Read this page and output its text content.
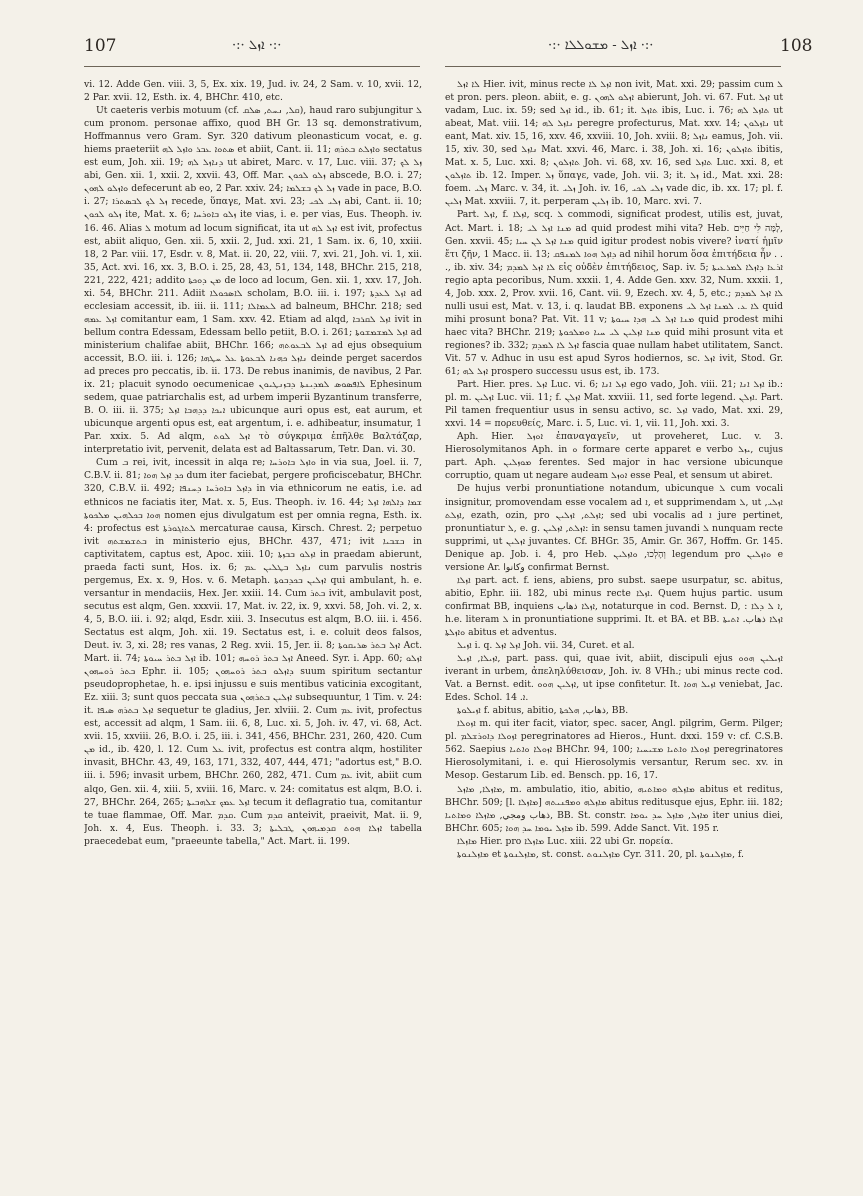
107	·:· ܐܙܠ ·:·	·:· ܐܙܠ - ܡܫܘܠܠܐ ·:·	108

vi. 12. Adde Gen. viii. 3, 5, Ex. xix. 19, Jud. iv. 24, 2 Sam. v. 10, xvii. 12, 2 Par. xvii. 12, Esth. ix. 4, BHChr. 410, etc.

Ut caeteris verbis motuum (cf. ܩܠ, ܢܚܬ, ܣܠܩ), haud raro subjungitur ܠ cum pronom. personae affixo, quod BH Gr. 13 sq. demonstrativum, Hoffmannus vero Gram. Syr. 320 dativum pleonasticum vocat, e. g. hiems praeteriit ܣܬܘܐ ܥܒܪ ܘܐܙܠ ܠܗ et abiit, Cant. ii. 11; ܘܐܙܠܬ ܒܬܪܗ sectatus est eum, Joh. xii. 19; ܕܢܐܙܠ ܠܗ ut abiret, Marc. v. 17, Luc. viii. 37; ܙܠ ܠܟ abi, Gen. xii. 1, xxii. 2, xxvii. 43, Off. Mar. ܙܠܘ ܠܟܘܢ abscede, B.O. i. 27; ܘܐܙܠܘ ܠܗܘܢ defecerunt ab eo, 2 Par. xxiv. 24; ܙܠ ܠܟ ܒܫܠܡܐ vade in pace, B.O. i. 27; ܙܠ ܠܟ ܠܒܣܬܪܐ recede, ὕπαγε, Mat. xvi. 23; ܙܠܝ ܠܟܝ abi, Cant. ii. 10; ܙܠܘ ܠܟܘܢ ite, Mat. x. 6; ܙܠܘ ܒܐܘܪܚܐ ite vias, i. e. per vias, Eus. Theoph. iv. 16. 46. Alias ܠ motum ad locum significat, ita ut ܐܙܠ ܠܗ est ivit, profectus est, abiit aliquo, Gen. xii. 5, xxii. 2, Jud. xxi. 21, 1 Sam. ix. 6, 10, xxiii. 18, 2 Par. viii. 17, Esdr. v. 8, Mat. ii. 20, 22, viii. 7, xvi. 21, Joh. vi. 1, xii. 35, Act. xvi. 16, xx. 3, B.O. i. 25, 28, 43, 51, 134, 148, BHChr. 215, 218, 221, 222, 421; addito ܡܢ ܕܘܟܬܐ de loco ad locum, Gen. xii. 1, xxv. 17, Joh. xi. 54, BHChr. 211. Adiit ܠܐܣܟܘܠܐ scholam, B.O. iii. i. 197; ܐܙܠ ܠܥܕܬܐ ad ecclesiam accessit, ib. iii. ii. 111; ܠܥܡܐܠܐ ad balneum, BHChr. 218; sed ܐܙܠ ܥܡܗ comitantur eam, 1 Sam. xxv. 42. Etiam ad alqd, ܐܙܠ ܠܩܪܒܐ ivit in bellum contra Edessam, Edessam bello petiit, B.O. i. 261; ܐܙܠ ܠܡܫܡܫܘܬܐ ad ministerium chalifae abiit, BHChr. 166; ܐܙܠ ܠܒܥܘܬܗ ad ejus obsequium accessit, B.O. iii. i. 126; ܢܐܙܠ ܟܗܢܐ ܠܒܥܘܬܐ ܥܠ ܚܛܗܐ deinde perget sacerdos ad preces pro peccatis, ib. ii. 173. De rebus inanimis, de navibus, 2 Par. ix. 21; placuit synodo oecumenicae ܠܐܦܣܘܣ ܠܡܕܝܢܬܐ ܕܒܙܢܛܝܘܢ Ephesinum sedem, quae patriarchalis est, ad urbem imperii Byzantinum transferre, B. O. iii. ii. 375; ܐܝܟܐ ܕܕܗܒܐ ܐܙܠ ubicunque auri opus est, eat aurum, et ubicunque argenti opus est, eat argentum, i. e. adhibeatur, insumatur, 1 Par. xxix. 5. Ad alqm, ܐܙܠ ܠܘܬ τὸ σύγκριμα ἐπῆλθε Βαλτάζαρ, interpretatio ivit, pervenit, delata est ad Baltassarum, Tetr. Dan. vi. 30.

Cum ܒ rei, ivit, incessit in alqa re; ܘܐܙܠ ܒܐܘܪܚܐ in via sua, Joel. ii. 7, C.B.V. ii. 81; ܟܕ ܐܙܠ ܗܘܐ dum iter faciebat, pergere proficiscebatur, BHChr. 320, C.B.V. ii. 492; ܕܐܙܠ ܒܐܘܪܚܐ ܕܚܢܦܐ in via ethnicorum ne eatis, i.e. ad ethnicos ne faciatis iter, Mat. x. 5, Eus. Theoph. iv. 16. 44; ܫܡܐ ܕܐܠܗܐ ܐܙܠ ܗܘܐ ܒܟܠܗܝܢ ܡܠܟܘܬܐ nomen ejus divulgatum est per omnia regna, Esth. ix. 4: profectus est ܠܬܐܓܘܪܬܐ mercaturae causa, Kirsch. Chrest. 2; perpetuo ivit ܒܬܫܡܫܬܗ in ministerio ejus, BHChr. 437, 471; ivit ܒܫܒܝܐ in captivitatem, captus est, Apoc. xiii. 10; ܐܙܠܘ ܒܒܙܬܐ in praedam abierunt, praeda facti sunt, Hos. ix. 6; ܢܐܙܠ ܒܛܠܝܢ ܥܡ cum parvulis nostris pergemus, Ex. x. 9, Hos. v. 6. Metaph. ܐܙܠܝܢ ܒܟܕܒܘܬܐ qui ambulant, h. e. versantur in mendaciis, Hex. Jer. xxiii. 14. Cum ܒܬܪ ivit, ambulavit post, secutus est alqm, Gen. xxxvii. 17, Mat. iv. 22, ix. 9, xxvi. 58, Joh. vi. 2, x. 4, 5, B.O. iii. i. 92; alqd, Esdr. xiii. 3. Insecutus est alqm, B.O. iii. i. 456. Sectatus est alqm, Joh. xii. 19. Sectatus est, i. e. coluit deos falsos, Deut. iv. 3, xi. 28; res vanas, 2 Reg. xvii. 15, Jer. ii. 8; ܐܙܠ ܒܬܪ ܣܪܝܩܘܬܐ Act. Mart. ii. 74; ܐܙܠ ܒܬܪ ܚܝܘܬܐ ib. 101; ܐܙܠ ܒܬܪ ܪܘܚܗ Aneed. Syr. i. App. 60; ܐܙܠܘ ܒܬܪ ܪܘܚܗܘܢ Ephr. ii. 105; ܕܐܙܠܘ ܒܬܪ ܪܘܚܗܘܢ suum spiritum sectantur pseudoprophetae, h. e. ipsi injussu e suis mentibus vaticinia excogitant, Ez. xiii. 3; sunt quos peccata sua ܐܙܠܝܢ ܒܬܪܗܘܢ subsequuntur, 1 Tim. v. 24: it. ܐܙܠ ܒܬܪܗ ܣܝܦܐ sequetur te gladius, Jer. xlviii. 2. Cum ܥܡ ivit, profectus est, accessit ad alqm, 1 Sam. iii. 6, 8, Luc. xi. 5, Joh. iv. 47, vi. 68, Act. xvii. 15, xxviii. 26, B.O. i. 25, iii. i. 341, 456, BHChr. 231, 260, 420. Cum ܡܢ id., ib. 420, l. 12. Cum ܥܠ ivit, profectus est contra alqm, hostiliter invasit, BHChr. 43, 49, 163, 171, 332, 407, 444, 471; "adortus est," B.O. iii. i. 596; invasit urbem, BHChr. 260, 282, 471. Cum ܥܡ ivit, abiit cum alqo, Gen. xii. 4, xiii. 5, xviii. 16, Marc. v. 24: comitatus est alqm, B.O. i. 27, BHChr. 264, 265; ܐܙܠ ܥܡܟ ܫܠܗܒܝܬܐ tecum it deflagratio tua, comitantur te tuae flammae, Off. Mar. ܩܕܡ. Cum ܩܕܡ anteivit, praeivit, Mat. ii. 9, Joh. x. 4, Eus. Theoph. i. 33. 3; ܐܙܠܐ ܗܘܬ ܩܕܡܝܗܘܢ ܛܒܠܝܬܐ tabella praecedebat eum, "praeeunte tabella," Act. Mart. ii. 199.

ܠܐ ܐܙܠ Hier. ivit, minus recte ܐܙܠ ܠܐ non ivit, Mat. xxi. 29; passim cum ܠ et pron. pers. pleon. abiit, e. g. ܐܙܠܘ ܠܗܘܢ abierunt, Joh. vi. 67. Fut. ܐܙܠ ut vadam, Luc. ix. 59; sed ܐܙܠ id., ib. 61; it. ܬܐܙܠ ibis, Luc. i. 76; ܬܐܙܠ ܠܗ ut abeat, Mat. viii. 14; ܢܐܙܠ ܠܗ peregre profecturus, Mat. xxv. 14; ܢܐܙܠܘܢ ut eant, Mat. xiv. 15, 16, xxv. 46, xxviii. 10, Joh. xviii. 8; ܢܐܙܠ eamus, Joh. vii. 15, xiv. 30, sed ܢܐܙܠ Mat. xxvi. 46, Marc. i. 38, Joh. xi. 16; ܬܐܙܠܘܢ ibitis, Mat. x. 5, Luc. xxi. 8; ܬܐܙܠܘܢ Joh. vi. 68, xv. 16, sed ܬܐܙܠ Luc. xxi. 8, et ܬܐܙܠܘܢ ib. 12. Imper. ܙܠ ὕπαγε, vade, Joh. vii. 3; it. ܙܠ id., Mat. xxi. 28: foem. ܙܠܝ Marc. v. 34, it. ܙܠܝ Joh. iv. 16, ܙܠܝ ܠܟܝ vade dic, ib. xx. 17; pl. f. ܙܠܝܢ Mat. xxviii. 7, it. perperam ܙܠܝܢ ib. 10, Marc. xvi. 7.

Part. ܐܙܠ, f. ܐܙܠܐ, scq. ܠ commodi, significat prodest, utilis est, juvat, Act. Mart. i. 18; ܡܢܐ ܐܙܠ ܠܝ ad quid prodest mihi vita? Heb. לָמָּה לִּי חַיִּים, Gen. xxvii. 45; ܡܢܐ ܐܙܠ ܠܢ ܚܝܐ quid igitur prodest nobis vivere? ἱνατί ἡμῖν ἔτι ζῆν, 1 Macc. ii. 13; ܕܐܙܠ ܗܘܐ ܠܡܢܦܩ ad nihil horum ὅσα ἐπιτήδεια ἦν . . ., ib. xiv. 34; ܠܐ ܐܙܠ ܠܡܕܡ εἰς οὐδὲν ἐπιτήδειος, Sap. iv. 5; ܐܪܥܐ ܕܐܙܠܐ ܠܡܪܥܝܬܐ regio apta pecoribus, Num. xxxii. 1, 4. Adde Gen. xxv. 32, Num. xxxii. 1, 4, Job. xxx. 2, Prov. xvii. 16, Cant. vii. 9, Ezech. xv. 4, 5, etc.; ܠܐ ܐܙܠ ܠܡܕܡ nulli usui est, Mat. v. 13, i. q. laudat BB. exponens ܠܐ ܥ. ܠܡܢܐ ܐܙܠ ܠܝ quid mihi prosunt bona? Pat. Vit. 11 v; ܡܢܐ ܐܙܠ ܠܝ ܗܕܐ ܚܝܘܬܐ quid prodest mihi haec vita? BHChr. 219; ܡܢܐ ܐܙܠܝܢ ܠܝ ܚܝܐ ܘܡܠܟܘܬܐ quid mihi prosunt vita et regiones? ib. 332; ܐܙܠ ܠܐ ܠܡܕܡ fascia quae nullam habet utilitatem, Sanct. Vit. 57 v. Adhuc in usu est apud Syros hodiernos, sc. ܐܙܠ ivit, Stod. Gr. 61; ܐܙܠ ܠܗ prospero successu usus est, ib. 173.

Part. Hier. pres. ܐܙܠ Luc. vi. 6; ܐܙܠ ܐܢܐ ego vado, Joh. viii. 21; ܐܙܠ ܐܢܐ ib.: pl. m. ܐܙܠܝܢ Luc. vii. 11; f. ܐܙܠܢ Mat. xxviii. 11, sed forte legend. ܐܙܠܢ. Part. Pil tamen frequentiur usus in sensu activo, sc. ܐܙܠ vado, Mat. xxi. 29, xxvi. 14 = πορευθείς, Marc. i. 5, Luc. vi. 1, vii. 11, Joh. xxi. 3.

Aph. Hier. ܐܘܙܠ ἐπαναγαγεῖν, ut proveheret, Luc. v. 3. Hierosolymitanos Aph. in ܘ formare certe apparet e verbo ܝܙܠ, cujus part. Aph. ܡܘܙܠܝܢ ferentes. Sed major in hac versione ubicunque corruptio, quam ut negare audeam ܐܘܙܠ esse Peal, et sensum ut abiret.

De hujus verbi pronuntiatione notandum, ubicunque ܠ cum vocali insignitur, promovendam esse vocalem ad ܐ, et supprimendam ܠ, ut ܐܙܠܝ, ܐܙܠܬ, ezath, ozin, pro ܐܙܠܬ, ܐܙܠܝܢ; sed ubi vocalis ad ܐ jure pertinet, pronuntiatur ܠ, e. g. ܐܙܠܬ, ܐܙܠܝܢ: in sensu tamen juvandi ܠ nunquam recte supprimi, ut ܐܙܠܝܢ juvantes. Cf. BHGr. 35, Amir. Gr. 367, Hoffm. Gr. 145. Denique ap. Job. i. 4, pro Heb. וְהָלְכוּ, ܘܐܙܠܝܢ legendum pro ܘܐܙܠܝܢ e versione Ar. وكانوا confirmat Bernst.

ܐܙܠܐ part. act. f. iens, abiens, pro subst. saepe usurpatur, sc. abitus, abitio, Ephr. iii. 182, ubi minus recte ܐܙܠܐ. Quem hujus partic. usum confirmat BB, inquiens ܐܙܠܐ ذهاب, notaturque in cod. Bernst. D, : ܐ ܠ ܕܠܐ, h.e. literam ܠ in pronuntiatione supprimi. It. et BA. et BB. ܐܙܠܐ ذهاب. ܐܬܝܬܐ ܘܐܙܠܬܐ abitus et adventus.

ܐܙܝܠ i. q. ܐܙܠ ܐܙܠ Joh. vii. 34, Curet. et al.

ܐܙܝܠܐ, ܐܙܝܠ, part. pass. qui, quae ivit, abiit, discipuli ejus ܐܙܝܠܝܢ ܗܘܘ iverant in urbem, ἀπεληλύθεισαν, Joh. iv. 8 VHh.; ubi minus recte cod. Vat. a Bernst. edit. ܐܙܠܝܢ ܗܘܘ, ut ipse confitetur. It. ܐܙܝܠ ܗܘܐ veniebat, Jac. Edes. Schol. ܐ. 14.

ܐܙܝܠܘܬܐ f. abitus, abitio, ذهاب, ܗܠܟܬܐ, BB.

ܐܙܘܠܐ m. qui iter facit, viator, spec. sacer, Angl. pilgrim, Germ. Pilger; pl. ܐܙܘܠܐ ܕܐܘܪܫܠܡ peregrinatores ad Hieros., Hunt. dxxi. 159 v: cf. C.S.B. 562. Saepius ܐܙܘܠܐ ܘܐܬܝܐ BHChr. 94, 100; ܐܙܘܠܐ ܘܐܬܝܐ ܡܫܝܚܝܐ peregrinatores Hierosolymitani, i. e. qui Hierosolymis versantur, Rerum sec. xv. in Mesop. Gestarum Lib. ed. Bensch. pp. 16, 17.

ܡܐܙܠܐ, ܡܐܙܠ, m. ambulatio, itio, abitio, ܡܐܙܠܗ ܘܡܐܬܝܗ abitus et reditus, BHChr. 509; [l. ܡܐܙܠܐ] ܡܐܙܠܗ ܘܡܦܢܝܬܗ abitus reditusque ejus, Ephr. iii. 182; ذهاب ومجي, ܡܐܙܠܐ ܘܡܐܬܝܐ, BB. St. constr. ܡܐܙܠ, ܡܐܙܠ ܚܕ ܝܘܡܐ iter unius diei, BHChr. 605; ܡܐܙܠ ܝܘܡܐ ܚܕ ܗܘܐ ib. 599. Adde Sanct. Vit. 195 r.

ܡܐܙܠܐ Hier. pro ܡܐܙܠܐ Luc. xiii. 22 ubi Gr. πορεία.

ܡܐܙܠܢܘܬܐ et ܡܐܙܠܢܘܬܐ, st. const. ܡܐܙܠܢܘܬ Cyr. 311. 20, pl. ܡܐܙܠܢܘܬܐ, f.
